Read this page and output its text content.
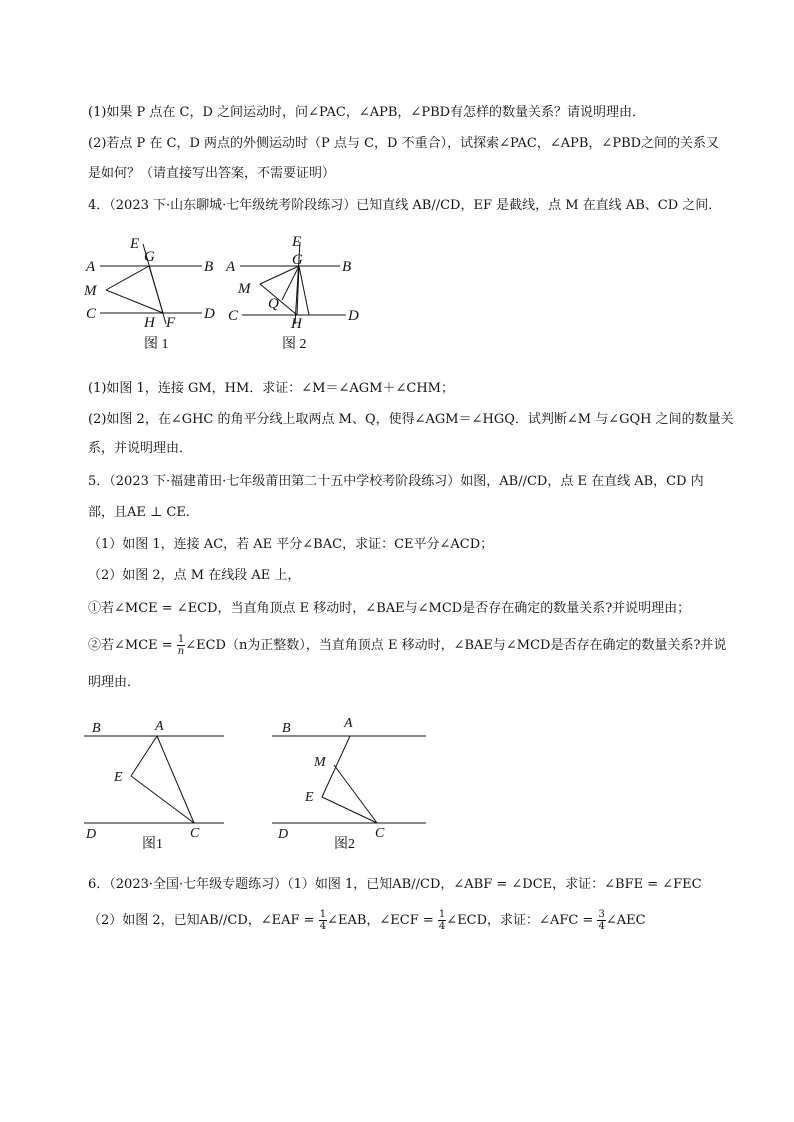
(1)如果 P 点在 C，D 之间运动时，问∠PAC，∠APB，∠PBD有怎样的数量关系？请说明理由．
(2)若点 P 在 C，D 两点的外侧运动时（P 点与 C，D 不重合），试探索∠PAC，∠APB，∠PBD之间的关系又
是如何？（请直接写出答案，不需要证明）
4．（2023 下·山东聊城·七年级统考阶段练习）已知直线 AB//CD，EF 是截线，点 M 在直线 AB、CD 之间．
A	B
M
C	D
E
G
H F
图 1
A	B
M
Q
C	D
E
G
H
图 2
(1)如图 1，连接 GM，HM．求证：∠M＝∠AGM＋∠CHM；
(2)如图 2，在∠GHC 的角平分线上取两点 M、Q，使得∠AGM＝∠HGQ．试判断∠M 与∠GQH 之间的数量关
系，并说明理由．
5．（2023 下·福建莆田·七年级莆田第二十五中学校考阶段练习）如图，AB//CD，点 E 在直线 AB，CD 内
部，且AE ⊥ CE．
（1）如图 1，连接 AC，若 AE 平分∠BAC，求证：CE平分∠ACD；
（2）如图 2，点 M 在线段 AE 上，
①若∠MCE = ∠ECD，当直角顶点 E 移动时，∠BAE与∠MCD是否存在确定的数量关系?并说明理由；
②若∠MCE = $\frac{1}{n}$ ∠ECD（n为正整数），当直角顶点 E 移动时，∠BAE与∠MCD是否存在确定的数量关系?并说
明理由．
B	A
E
D	C
图1
B	A
M
E
D	C
图2
6．（2023·全国·七年级专题练习）（1）如图 1，已知AB//CD，∠ABF = ∠DCE，求证：∠BFE = ∠FEC
（2）如图 2，已知AB//CD，∠EAF = $\frac{1}{4}$ ∠EAB，∠ECF = $\frac{1}{4}$ ∠ECD，求证：∠AFC = $\frac{3}{4}$ ∠AEC
